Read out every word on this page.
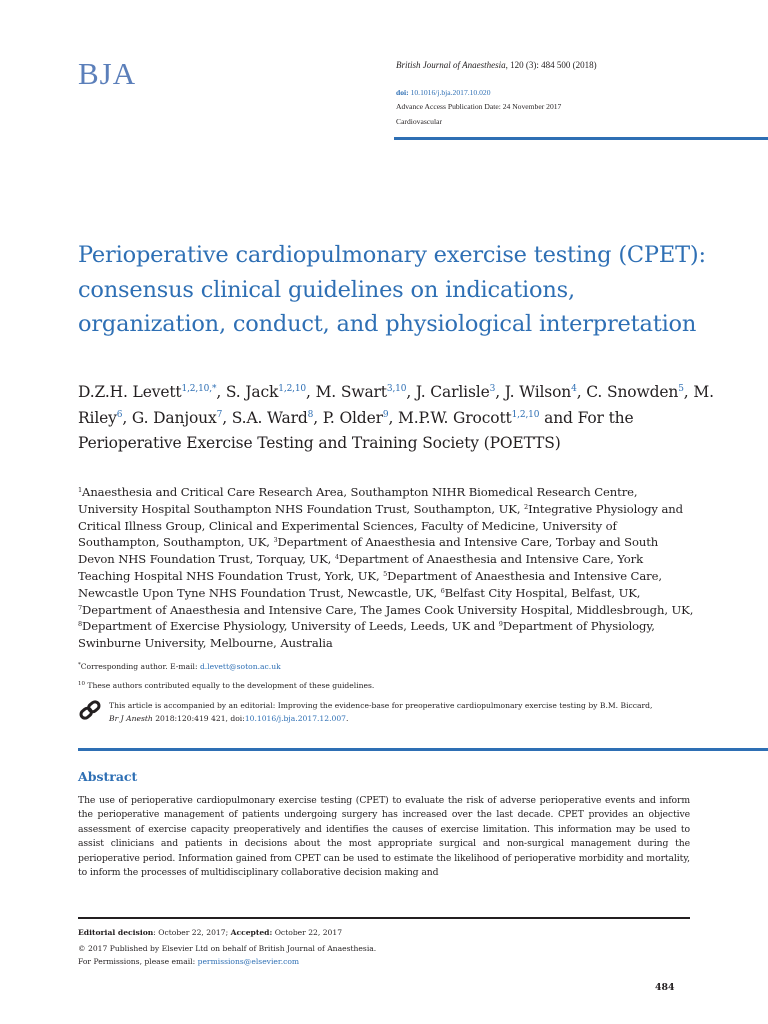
BJA	British Journal of Anaesthesia, 120 (3): 484 500 (2018)
doi: 10.1016/j.bja.2017.10.020
Advance Access Publication Date: 24 November 2017
Cardiovascular
Perioperative cardiopulmonary exercise testing (CPET): consensus clinical guidelines on indications, organization, conduct, and physiological interpretation
D.Z.H. Levett$^{1,2,10,*}$, S. Jack$^{1,2,10}$, M. Swart$^{3,10}$, J. Carlisle$^3$, J. Wilson$^4$, C. Snowden$^5$, M. Riley$^6$, G. Danjoux$^7$, S.A. Ward$^8$, P. Older$^9$, M.P.W. Grocott$^{1,2,10}$ and For the Perioperative Exercise Testing and Training Society (POETTS)
$^1$Anaesthesia and Critical Care Research Area, Southampton NIHR Biomedical Research Centre, University Hospital Southampton NHS Foundation Trust, Southampton, UK, $^2$Integrative Physiology and Critical Illness Group, Clinical and Experimental Sciences, Faculty of Medicine, University of Southampton, Southampton, UK, $^3$Department of Anaesthesia and Intensive Care, Torbay and South Devon NHS Foundation Trust, Torquay, UK, $^4$Department of Anaesthesia and Intensive Care, York Teaching Hospital NHS Foundation Trust, York, UK, $^5$Department of Anaesthesia and Intensive Care, Newcastle Upon Tyne NHS Foundation Trust, Newcastle, UK, $^6$Belfast City Hospital, Belfast, UK, $^7$Department of Anaesthesia and Intensive Care, The James Cook University Hospital, Middlesbrough, UK, $^8$Department of Exercise Physiology, University of Leeds, Leeds, UK and $^9$Department of Physiology, Swinburne University, Melbourne, Australia
*Corresponding author. E-mail: d.levett@soton.ac.uk
$^{10}$ These authors contributed equally to the development of these guidelines.
This article is accompanied by an editorial: Improving the evidence-base for preoperative cardiopulmonary exercise testing by B.M. Biccard,
Br J Anesth 2018:120:419 421, doi:10.1016/j.bja.2017.12.007.
Abstract
The use of perioperative cardiopulmonary exercise testing (CPET) to evaluate the risk of adverse perioperative events and inform the perioperative management of patients undergoing surgery has increased over the last decade. CPET provides an objective assessment of exercise capacity preoperatively and identifies the causes of exercise limitation. This information may be used to assist clinicians and patients in decisions about the most appropriate surgical and non-surgical management during the perioperative period. Information gained from CPET can be used to estimate the likelihood of perioperative morbidity and mortality, to inform the processes of multidisciplinary collaborative decision making and
Editorial decision: October 22, 2017; Accepted: October 22, 2017
© 2017 Published by Elsevier Ltd on behalf of British Journal of Anaesthesia.
For Permissions, please email: permissions@elsevier.com
484
